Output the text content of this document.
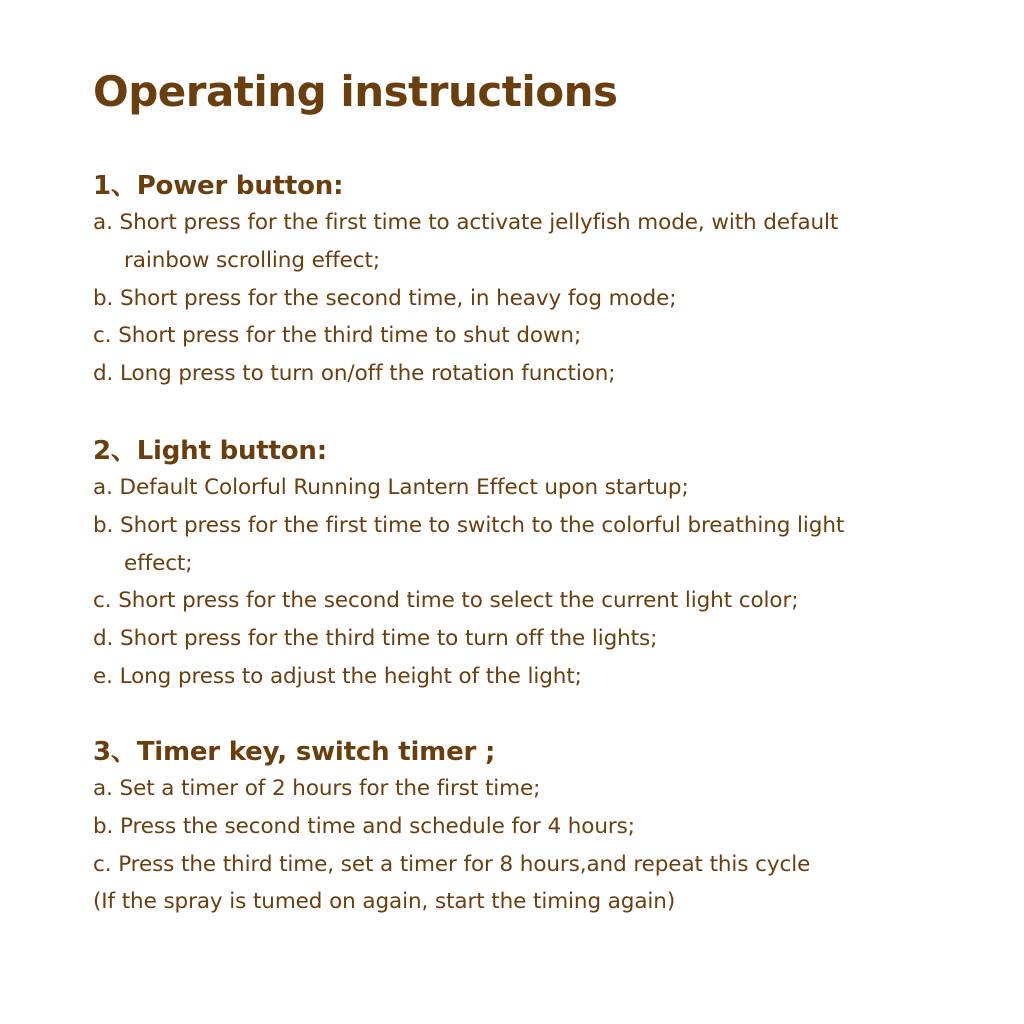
Operating instructions
1、Power button:

a. Short press for the first time to activate jellyfish mode, with default
rainbow scrolling effect;

b. Short press for the second time, in heavy fog mode;

c. Short press for the third time to shut down;

d. Long press to turn on/off the rotation function;

2、Light button:

a. Default Colorful Running Lantern Effect upon startup;

b. Short press for the first time to switch to the colorful breathing light
effect;

c. Short press for the second time to select the current light color;

d. Short press for the third time to turn off the lights;

e. Long press to adjust the height of the light;

3、Timer key, switch timer ;

a. Set a timer of 2 hours for the first time;

b. Press the second time and schedule for 4 hours;

c. Press the third time, set a timer for 8 hours,and repeat this cycle

(If the spray is tumed on again, start the timing again)
